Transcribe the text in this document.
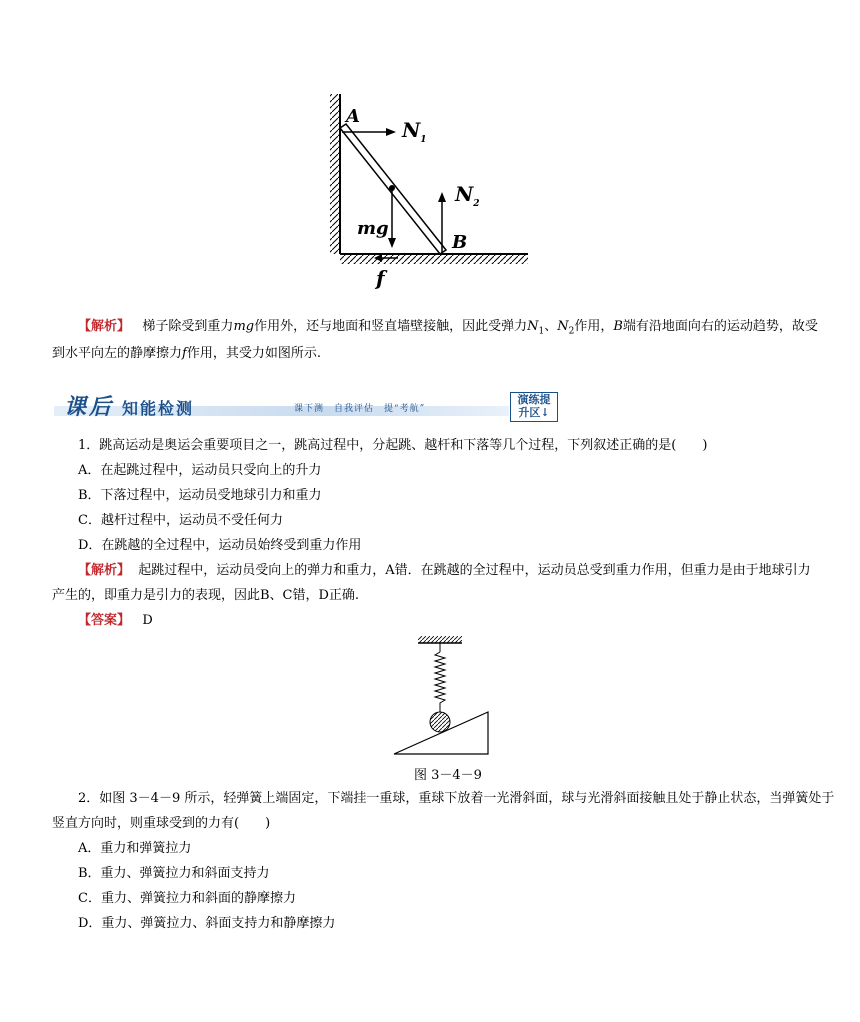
A
$N_1$
$N_2$
mg
B
f
【解析】 梯子除受到重力mg作用外，还与地面和竖直墙壁接触，因此受弹力$N_1$、$N_2$作用，B端有沿地面向右的运动趋势，故受
到水平向左的静摩擦力f作用，其受力如图所示.
课后 知能检测	课下测　自我评估　提“考航”
演练提
升区↓
1．跳高运动是奥运会重要项目之一，跳高过程中，分起跳、越杆和下落等几个过程，下列叙述正确的是(　　)
A．在起跳过程中，运动员只受向上的升力
B．下落过程中，运动员受地球引力和重力
C．越杆过程中，运动员不受任何力
D．在跳越的全过程中，运动员始终受到重力作用
【解析】 起跳过程中，运动员受向上的弹力和重力，A错．在跳越的全过程中，运动员总受到重力作用，但重力是由于地球引力
产生的，即重力是引力的表现，因此B、C错，D正确.
【答案】 D
图 3－4－9
2．如图 3－4－9 所示，轻弹簧上端固定，下端挂一重球，重球下放着一光滑斜面，球与光滑斜面接触且处于静止状态，当弹簧处于
竖直方向时，则重球受到的力有(　　)
A．重力和弹簧拉力
B．重力、弹簧拉力和斜面支持力
C．重力、弹簧拉力和斜面的静摩擦力
D．重力、弹簧拉力、斜面支持力和静摩擦力
